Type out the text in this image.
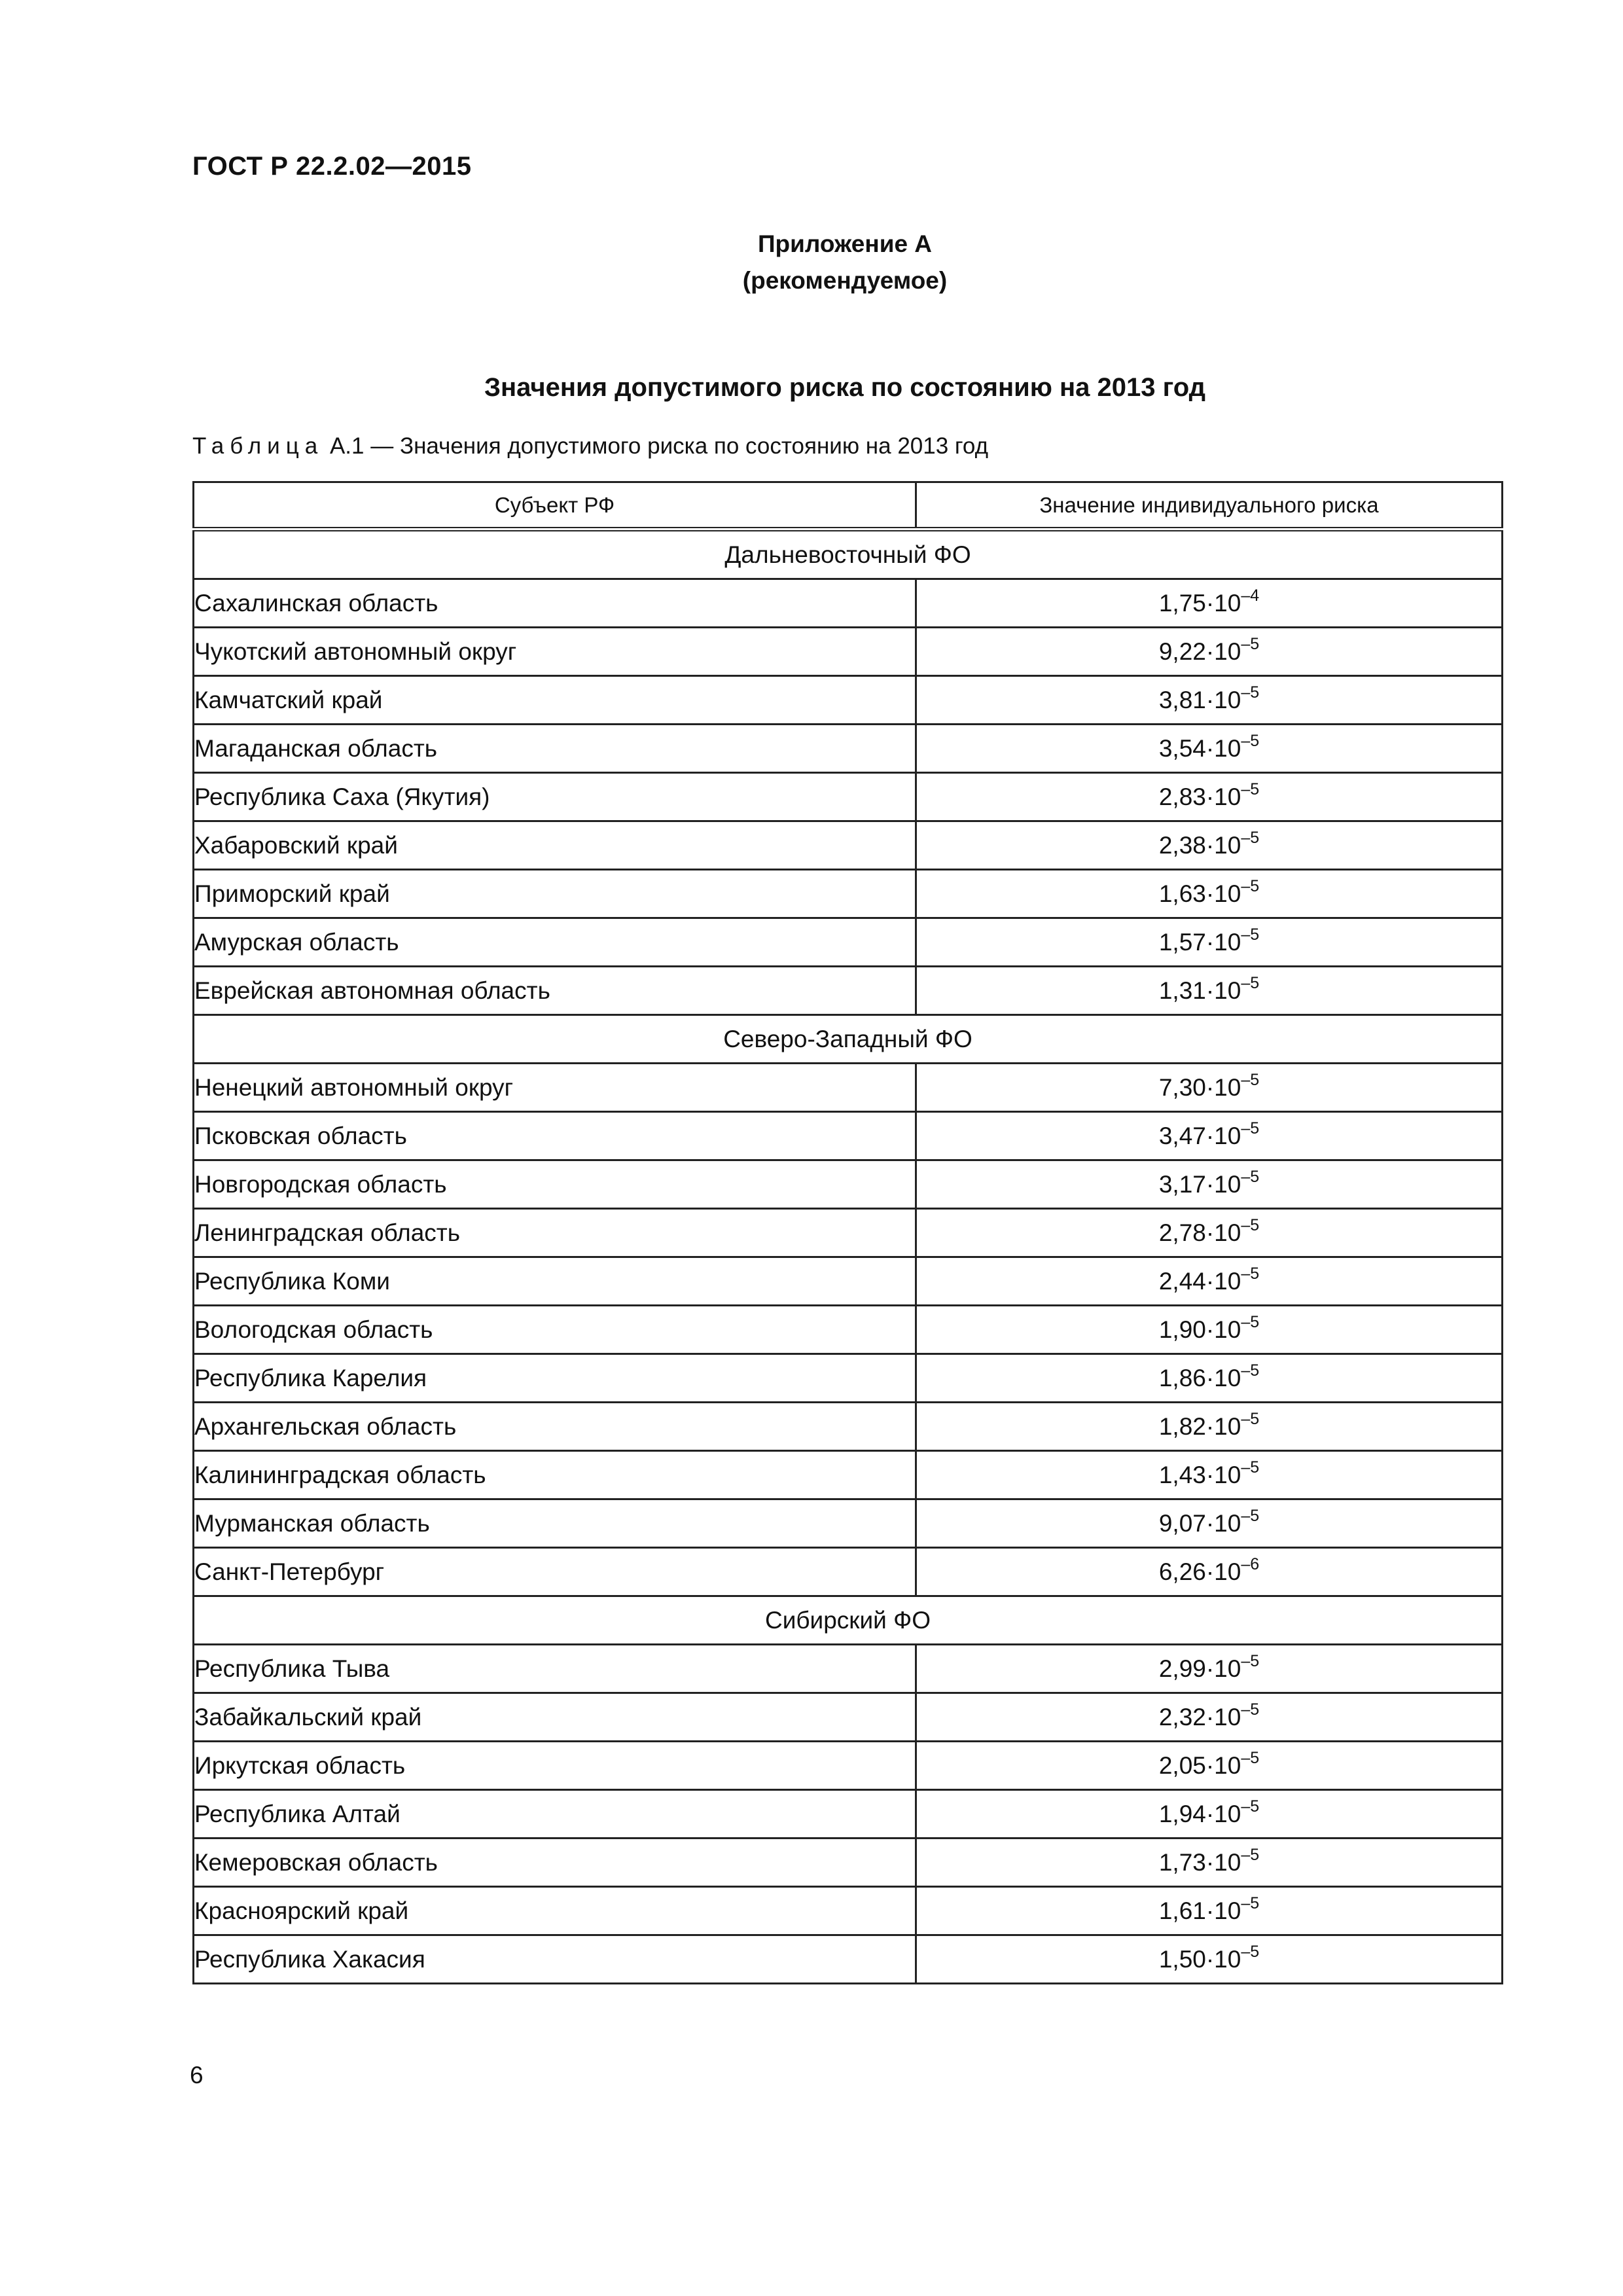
ГОСТ Р 22.2.02—2015
Приложение А
(рекомендуемое)
Значения допустимого риска по состоянию на 2013 год
Таблица А.1 — Значения допустимого риска по состоянию на 2013 год
Субъект РФ	Значение индивидуального риска
Дальневосточный ФО	
Сахалинская область	$1,75\cdot 10^{-4}$
Чукотский автономный округ	$9,22\cdot 10^{-5}$
Камчатский край	$3,81\cdot 10^{-5}$
Магаданская область	$3,54\cdot 10^{-5}$
Республика Саха (Якутия)	$2,83\cdot 10^{-5}$
Хабаровский край	$2,38\cdot 10^{-5}$
Приморский край	$1,63\cdot 10^{-5}$
Амурская область	$1,57\cdot 10^{-5}$
Еврейская автономная область	$1,31\cdot 10^{-5}$
Северо-Западный ФО	
Ненецкий автономный округ	$7,30\cdot 10^{-5}$
Псковская область	$3,47\cdot 10^{-5}$
Новгородская область	$3,17\cdot 10^{-5}$
Ленинградская область	$2,78\cdot 10^{-5}$
Республика Коми	$2,44\cdot 10^{-5}$
Вологодская область	$1,90\cdot 10^{-5}$
Республика Карелия	$1,86\cdot 10^{-5}$
Архангельская область	$1,82\cdot 10^{-5}$
Калининградская область	$1,43\cdot 10^{-5}$
Мурманская область	$9,07\cdot 10^{-5}$
Санкт-Петербург	$6,26\cdot 10^{-6}$
Сибирский ФО	
Республика Тыва	$2,99\cdot 10^{-5}$
Забайкальский край	$2,32\cdot 10^{-5}$
Иркутская область	$2,05\cdot 10^{-5}$
Республика Алтай	$1,94\cdot 10^{-5}$
Кемеровская область	$1,73\cdot 10^{-5}$
Красноярский край	$1,61\cdot 10^{-5}$
Республика Хакасия	$1,50\cdot 10^{-5}$
6
